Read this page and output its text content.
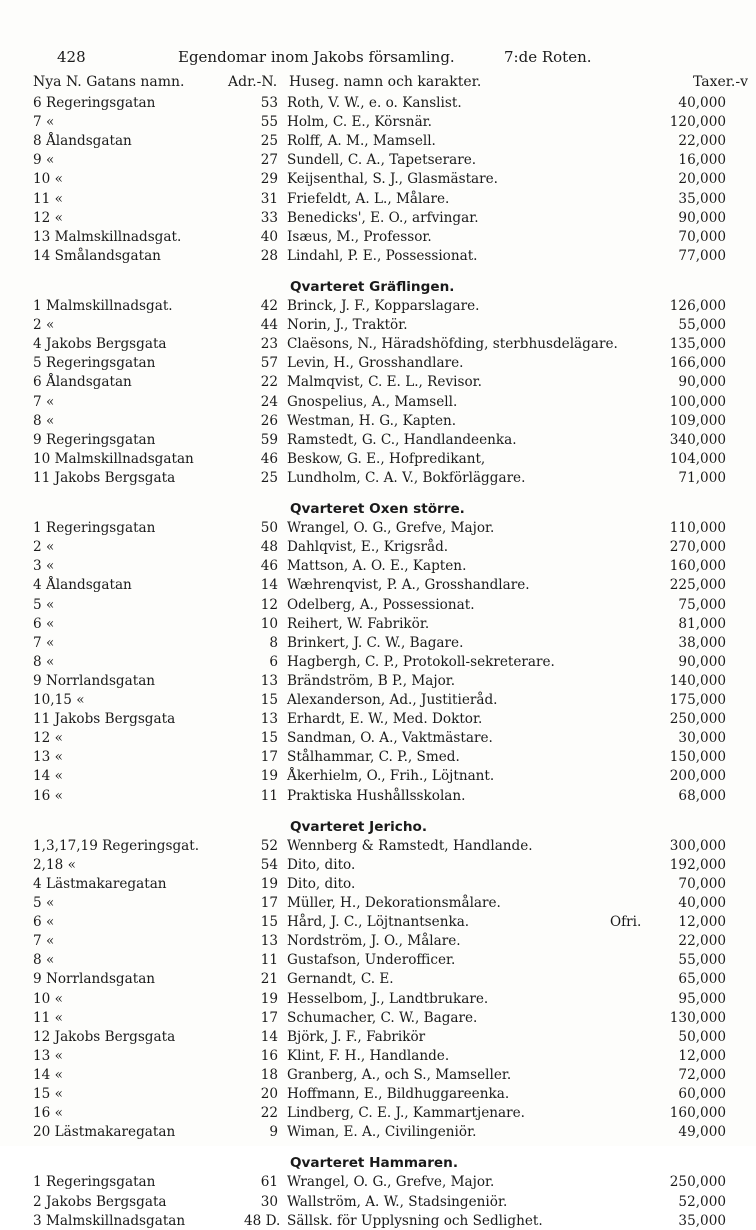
428	Egendomar inom Jakobs församling.	7:de Roten.
Nya N. Gatans namn.	Adr.-N. Huseg. namn och karakter.	Taxer.-v
6 Regeringsgatan	53 Roth, V. W., e. o. Kanslist.	40,000
7 «	55 Holm, C. E., Körsnär.	120,000
8 Ålandsgatan	25 Rolff, A. M., Mamsell.	22,000
9 «	27 Sundell, C. A., Tapetserare.	16,000
10 «	29 Keijsenthal, S. J., Glasmästare.	20,000
11 «	31 Friefeldt, A. L., Målare.	35,000
12 «	33 Benedicks', E. O., arfvingar.	90,000
13 Malmskillnadsgat.	40 Isæus, M., Professor.	70,000
14 Smålandsgatan	28 Lindahl, P. E., Possessionat.	77,000
Qvarteret Gräflingen.
1 Malmskillnadsgat.	42 Brinck, J. F., Kopparslagare.	126,000
2 «	44 Norin, J., Traktör.	55,000
4 Jakobs Bergsgata	23 Claësons, N., Häradshöfding, sterbhusdelägare.	135,000
5 Regeringsgatan	57 Levin, H., Grosshandlare.	166,000
6 Ålandsgatan	22 Malmqvist, C. E. L., Revisor.	90,000
7 «	24 Gnospelius, A., Mamsell.	100,000
8 «	26 Westman, H. G., Kapten.	109,000
9 Regeringsgatan	59 Ramstedt, G. C., Handlandeenka.	340,000
10 Malmskillnadsgatan	46 Beskow, G. E., Hofpredikant,	104,000
11 Jakobs Bergsgata	25 Lundholm, C. A. V., Bokförläggare.	71,000
Qvarteret Oxen större.
1 Regeringsgatan	50 Wrangel, O. G., Grefve, Major.	110,000
2 «	48 Dahlqvist, E., Krigsråd.	270,000
3 «	46 Mattson, A. O. E., Kapten.	160,000
4 Ålandsgatan	14 Wæhrenqvist, P. A., Grosshandlare.	225,000
5 «	12 Odelberg, A., Possessionat.	75,000
6 «	10 Reihert, W. Fabrikör.	81,000
7 «	8 Brinkert, J. C. W., Bagare.	38,000
8 «	6 Hagbergh, C. P., Protokoll-sekreterare.	90,000
9 Norrlandsgatan	13 Brändström, B P., Major.	140,000
10,15 «	15 Alexanderson, Ad., Justitieråd.	175,000
11 Jakobs Bergsgata	13 Erhardt, E. W., Med. Doktor.	250,000
12 «	15 Sandman, O. A., Vaktmästare.	30,000
13 «	17 Stålhammar, C. P., Smed.	150,000
14 «	19 Åkerhielm, O., Frih., Löjtnant.	200,000
16 «	11 Praktiska Hushållsskolan.	68,000
Qvarteret Jericho.
1,3,17,19 Regeringsgat.	52 Wennberg & Ramstedt, Handlande.	300,000
2,18 «	54 Dito, dito.	192,000
4 Lästmakaregatan	19 Dito, dito.	70,000
5 «	17 Müller, H., Dekorationsmålare.	40,000
6 «	15 Hård, J. C., Löjtnantsenka.	Ofri.	12,000
7 «	13 Nordström, J. O., Målare.	22,000
8 «	11 Gustafson, Underofficer.	55,000
9 Norrlandsgatan	21 Gernandt, C. E.	65,000
10 «	19 Hesselbom, J., Landtbrukare.	95,000
11 «	17 Schumacher, C. W., Bagare.	130,000
12 Jakobs Bergsgata	14 Björk, J. F., Fabrikör	50,000
13 «	16 Klint, F. H., Handlande.	12,000
14 «	18 Granberg, A., och S., Mamseller.	72,000
15 «	20 Hoffmann, E., Bildhuggareenka.	60,000
16 «	22 Lindberg, C. E. J., Kammartjenare.	160,000
20 Lästmakaregatan	9 Wiman, E. A., Civilingeniör.	49,000
Qvarteret Hammaren.
1 Regeringsgatan	61 Wrangel, O. G., Grefve, Major.	250,000
2 Jakobs Bergsgata	30 Wallström, A. W., Stadsingeniör.	52,000
3 Malmskillnadsgatan	48 D. Sällsk. för Upplysning och Sedlighet.	35,000
